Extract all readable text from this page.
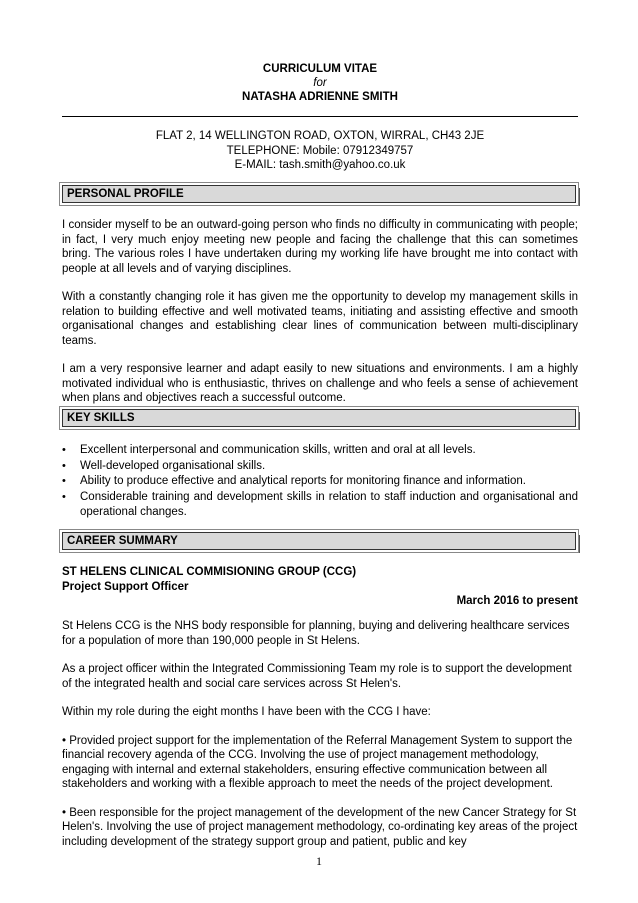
CURRICULUM VITAE
for
NATASHA ADRIENNE SMITH
FLAT 2, 14 WELLINGTON ROAD, OXTON, WIRRAL, CH43 2JE
TELEPHONE: Mobile: 07912349757
E-MAIL: tash.smith@yahoo.co.uk
PERSONAL PROFILE

I consider myself to be an outward-going person who finds no difficulty in communicating with people; in fact, I very much enjoy meeting new people and facing the challenge that this can sometimes bring. The various roles I have undertaken during my working life have brought me into contact with people at all levels and of varying disciplines.

With a constantly changing role it has given me the opportunity to develop my management skills in relation to building effective and well motivated teams, initiating and assisting effective and smooth organisational changes and establishing clear lines of communication between multi-disciplinary teams.

I am a very responsive learner and adapt easily to new situations and environments. I am a highly motivated individual who is enthusiastic, thrives on challenge and who feels a sense of achievement when plans and objectives reach a successful outcome.

KEY SKILLS
• Excellent interpersonal and communication skills, written and oral at all levels.
• Well-developed organisational skills.
• Ability to produce effective and analytical reports for monitoring finance and information.
• Considerable training and development skills in relation to staff induction and organisational and operational changes.
CAREER SUMMARY
ST HELENS CLINICAL COMMISIONING GROUP (CCG)
Project Support Officer
March 2016 to present

St Helens CCG is the NHS body responsible for planning, buying and delivering healthcare services for a population of more than 190,000 people in St Helens.

As a project officer within the Integrated Commissioning Team my role is to support the development of the integrated health and social care services across St Helen's.

Within my role during the eight months I have been with the CCG I have:

• Provided project support for the implementation of the Referral Management System to support the financial recovery agenda of the CCG. Involving the use of project management methodology, engaging with internal and external stakeholders, ensuring effective communication between all stakeholders and working with a flexible approach to meet the needs of the project development.

• Been responsible for the project management of the development of the new Cancer Strategy for St Helen's. Involving the use of project management methodology, co-ordinating key areas of the project including development of the strategy support group and patient, public and key

1
